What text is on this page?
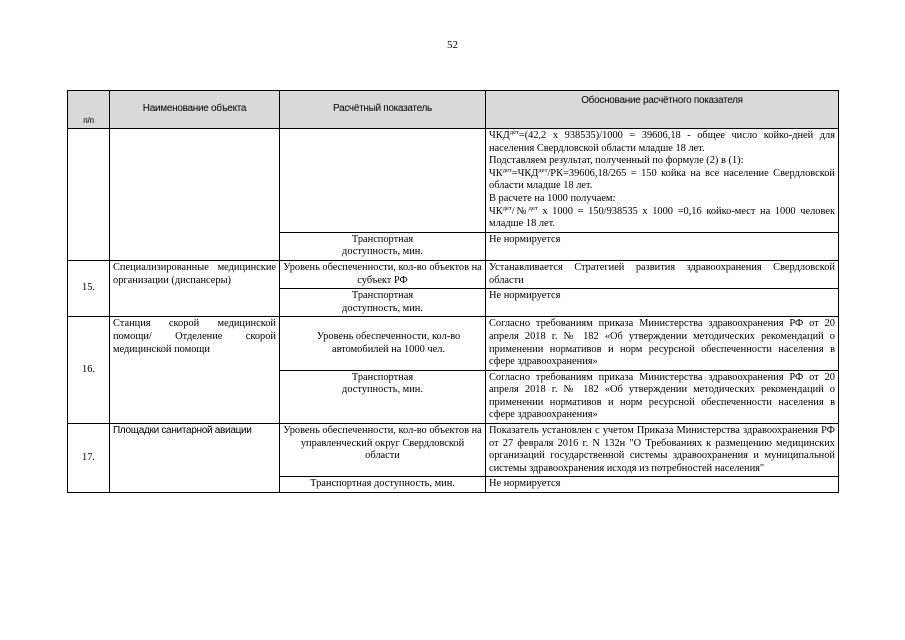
52
п/п	Наименование объекта	Расчётный показатель	Обоснование расчётного показателя

			$ЧКД^{дет}=(42,2$ х 938535)/1000 = 39606,18 - общее число койко-дней для населения Свердловской области младше 18 лет.
Подставляем результат, полученный по формуле (2) в (1):
$ЧК^{дет}=ЧКД^{дет}/РК=39606,18/265 = 150$ койка на все население Свердловской области младше 18 лет.
В расчете на 1000 получаем:
$ЧК^{дет}/№^{дет}$ х 1000 = 150/938535 х 1000 =0,16 койко-мест на 1000 человек младше 18 лет.

		Транспортная доступность, мин.	Не нормируется
15.	Специализированные медицинские организации (диспансеры)	Уровень обеспеченности, кол-во объектов на субъект РФ	Устанавливается Стратегией развития здравоохранения Свердловской области
		Транспортная доступность, мин.	Не нормируется
16.	Станция скорой медицинской помощи/ Отделение скорой медицинской помощи	Уровень обеспеченности, кол-во автомобилей на 1000 чел.	Согласно требованиям приказа Министерства здравоохранения РФ от 20 апреля 2018 г. № 182 «Об утверждении методических рекомендаций о применении нормативов и норм ресурсной обеспеченности населения в сфере здравоохранения»
		Транспортная доступность, мин.	Согласно требованиям приказа Министерства здравоохранения РФ от 20 апреля 2018 г. № 182 «Об утверждении методических рекомендаций о применении нормативов и норм ресурсной обеспеченности населения в сфере здравоохранения»
17.	Площадки санитарной авиации	Уровень обеспеченности, кол-во объектов на управленческий округ Свердловской области	Показатель установлен с учетом Приказа Министерства здравоохранения РФ от 27 февраля 2016 г. N 132н "О Требованиях к размещению медицинских организаций государственной системы здравоохранения и муниципальной системы здравоохранения исходя из потребностей населения"
		Транспортная доступность, мин.	Не нормируется
